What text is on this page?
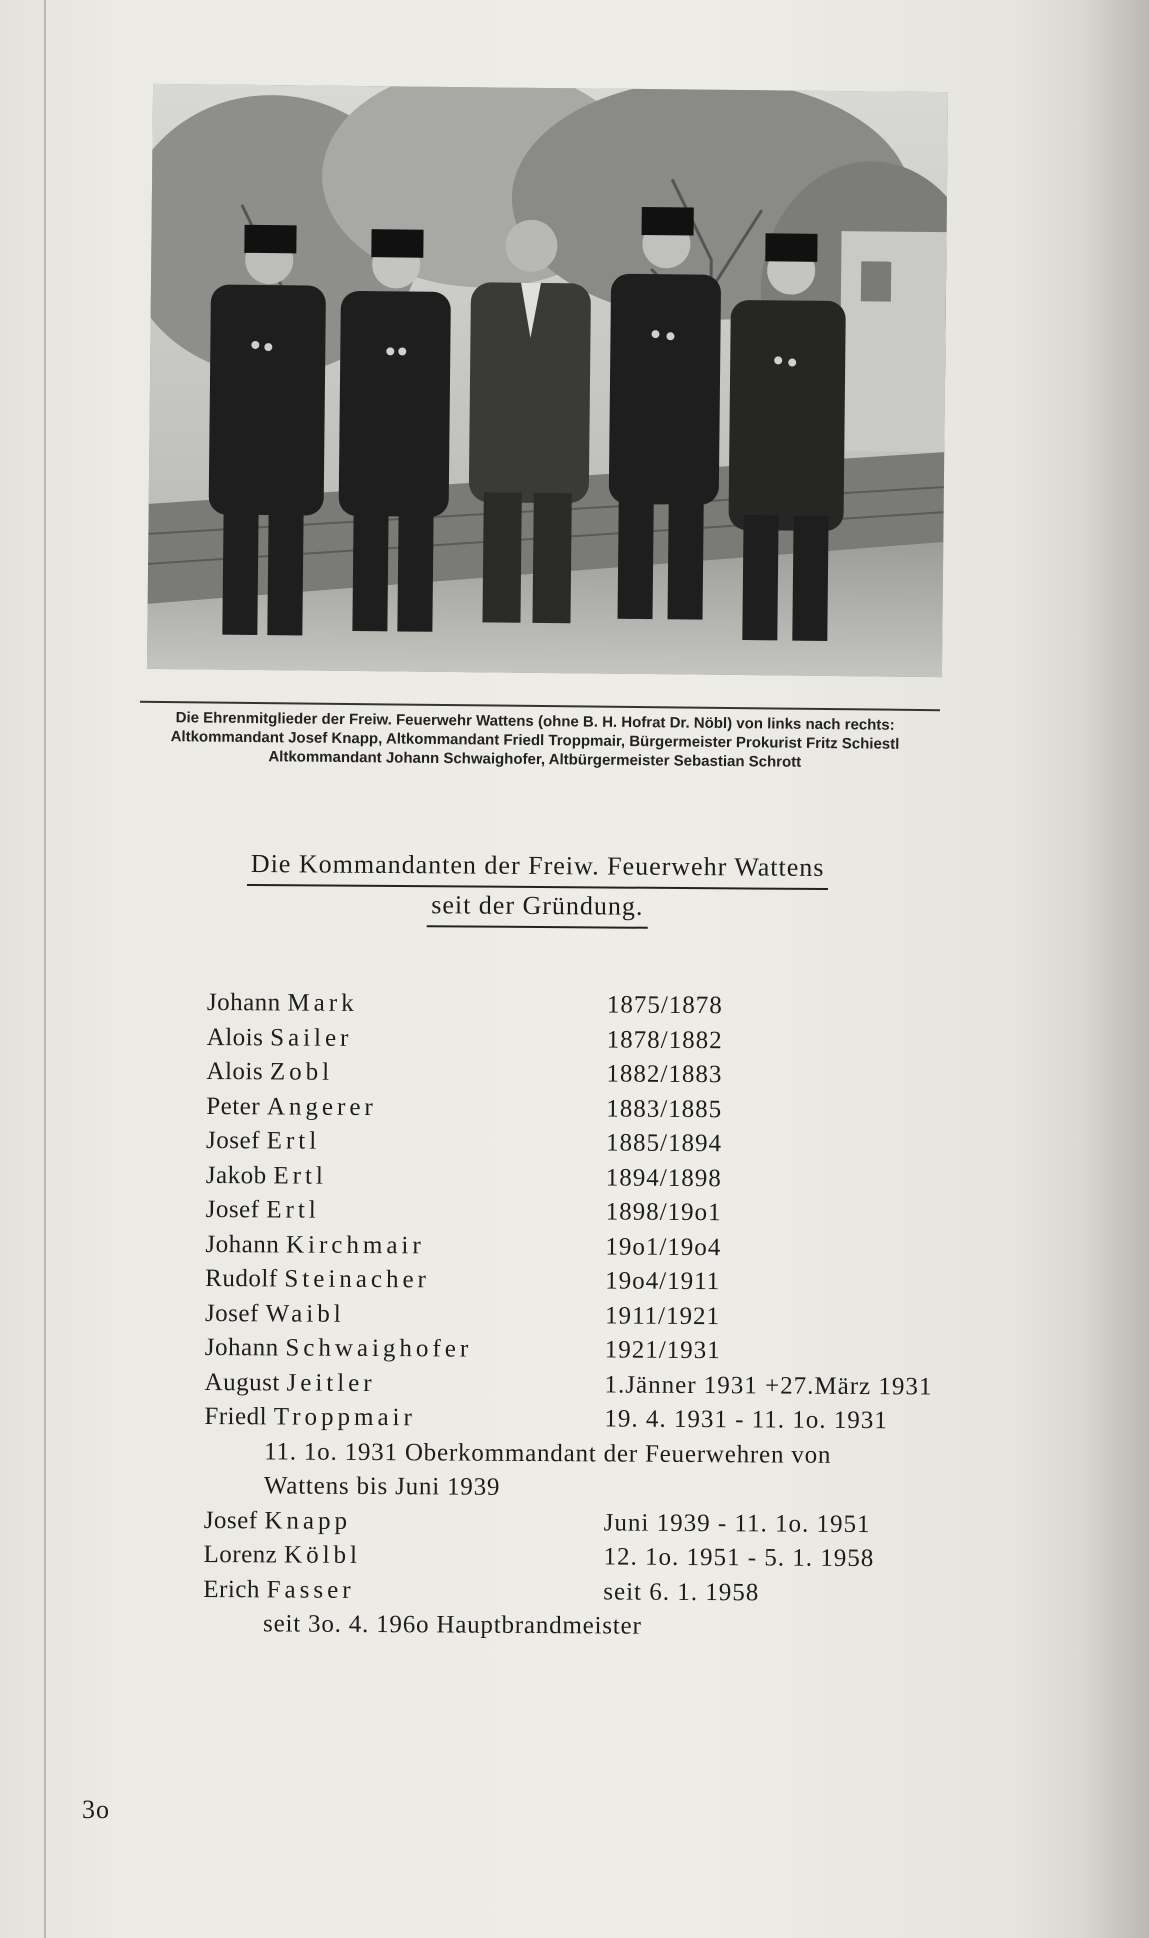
Die Ehrenmitglieder der Freiw. Feuerwehr Wattens (ohne B. H. Hofrat Dr. Nöbl) von links nach rechts:
Altkommandant Josef Knapp, Altkommandant Friedl Troppmair, Bürgermeister Prokurist Fritz Schiestl
Altkommandant Johann Schwaighofer, Altbürgermeister Sebastian Schrott
Die Kommandanten der Freiw. Feuerwehr Wattens
seit der Gründung.
Johann Mark	1875/1878
Alois Sailer	1878/1882
Alois Zobl	1882/1883
Peter Angerer	1883/1885
Josef Ertl	1885/1894
Jakob Ertl	1894/1898
Josef Ertl	1898/19o1
Johann Kirchmair	19o1/19o4
Rudolf Steinacher	19o4/1911
Josef Waibl	1911/1921
Johann Schwaighofer	1921/1931
August Jeitler	1.Jänner 1931 +27.März 1931
Friedl Troppmair	19. 4. 1931 - 11. 1o. 1931
11. 1o. 1931 Oberkommandant der Feuerwehren von
Wattens bis Juni 1939
Josef Knapp	Juni 1939 - 11. 1o. 1951
Lorenz Kölbl	12. 1o. 1951 - 5. 1. 1958
Erich Fasser	seit 6. 1. 1958
seit 3o. 4. 196o Hauptbrandmeister
3o
